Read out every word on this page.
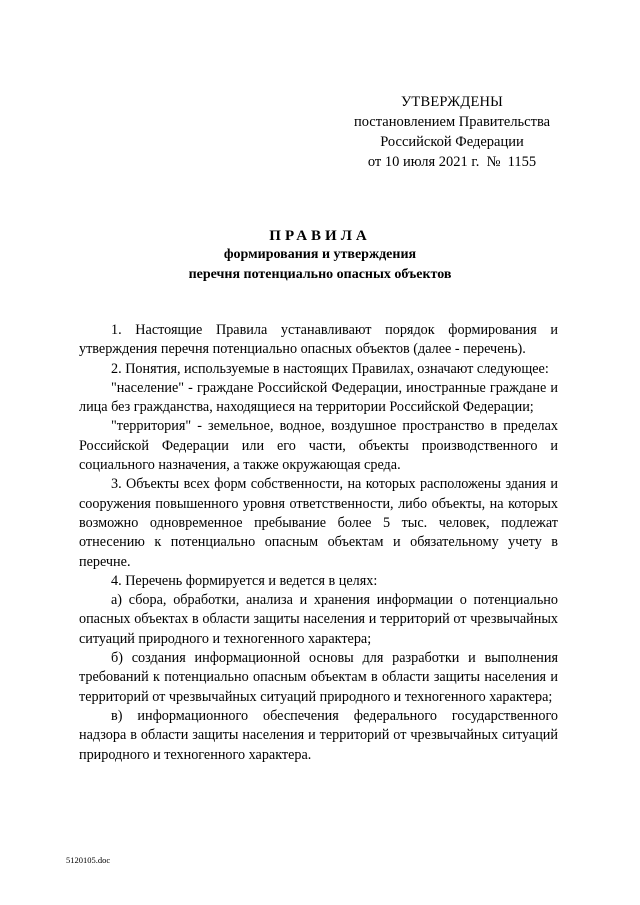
УТВЕРЖДЕНЫ
постановлением Правительства
Российской Федерации
от 10 июля 2021 г.  №  1155
ПРАВИЛА
формирования и утверждения
перечня потенциально опасных объектов

1. Настоящие Правила устанавливают порядок формирования и утверждения перечня потенциально опасных объектов (далее - перечень).

2. Понятия, используемые в настоящих Правилах, означают следующее:

"население" - граждане Российской Федерации, иностранные граждане и лица без гражданства, находящиеся на территории Российской Федерации;

"территория" - земельное, водное, воздушное пространство в пределах Российской Федерации или его части, объекты производственного и социального назначения, а также окружающая среда.

3. Объекты всех форм собственности, на которых расположены здания и сооружения повышенного уровня ответственности, либо объекты, на которых возможно одновременное пребывание более 5 тыс. человек, подлежат отнесению к потенциально опасным объектам и обязательному учету в перечне.

4. Перечень формируется и ведется в целях:

а) сбора, обработки, анализа и хранения информации о потенциально опасных объектах в области защиты населения и территорий от чрезвычайных ситуаций природного и техногенного характера;

б) создания информационной основы для разработки и выполнения требований к потенциально опасным объектам в области защиты населения и территорий от чрезвычайных ситуаций природного и техногенного характера;

в) информационного обеспечения федерального государственного надзора в области защиты населения и территорий от чрезвычайных ситуаций природного и техногенного характера.

5120105.doc
